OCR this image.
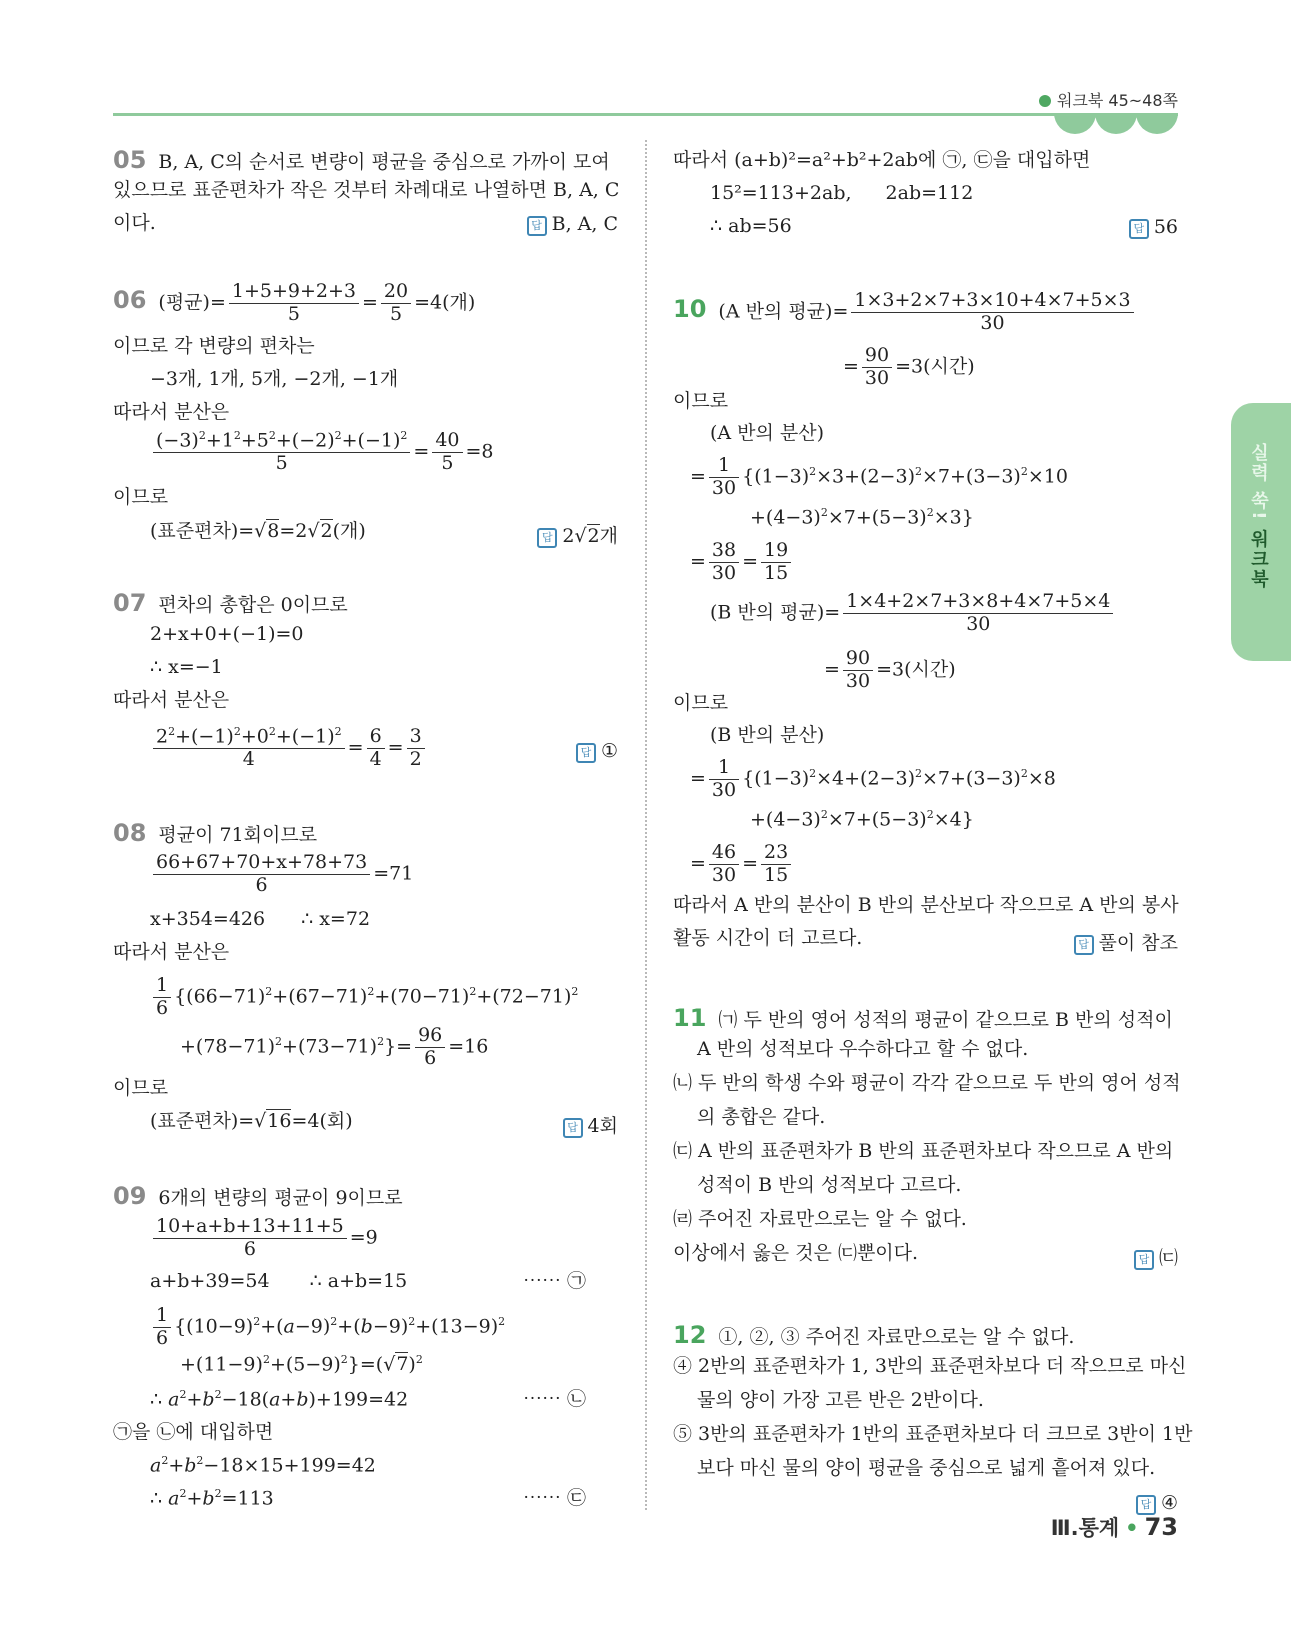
워크북 45~48쪽
실력 쑥! 워크북
05 B, A, C의 순서로 변량이 평균을 중심으로 가까이 모여
있으므로 표준편차가 작은 것부터 차례대로 나열하면 B, A, C
이다.	답 B, A, C
06 (평균)= $\frac{1+5+9+2+3}{5} = \frac{20}{5} =4$(개)
이므로 각 변량의 편차는
−3개, 1개, 5개, −2개, −1개
따라서 분산은
$\frac{(-3)^2+1^2+5^2+(-2)^2+(-1)^2}{5} = \frac{40}{5} =8$
이므로
(표준편차)=√8=2√2(개)	답 2√2개
07 편차의 총합은 0이므로
2+x+0+(−1)=0
∴ x=−1
따라서 분산은
$\frac{2^2+(-1)^2+0^2+(-1)^2}{4} = \frac{6}{4} = \frac{3}{2}$	답 ①
08 평균이 71회이므로
$\frac{66+67+70+x+78+73}{6} =71$
x+354=426 ∴ x=72
따라서 분산은
$\frac{1}{6} \{(66-71)^2+(67-71)^2+(70-71)^2+(72-71)^2$
$+(78-71)^2+(73-71)^2\}= \frac{96}{6} =16$
이므로
(표준편차)=√16=4(회)	답 4회
09 6개의 변량의 평균이 9이므로
$\frac{10+a+b+13+11+5}{6} =9$
a+b+39=54 ∴ a+b=15	⋯⋯ ㉠
$\frac{1}{6} \{(10-9)^2+(a-9)^2+(b-9)^2+(13-9)^2$
$+(11-9)^2+(5-9)^2\}=(√7)^2$
∴ $a^2+b^2-18(a+b)+199=42$	⋯⋯ ㉡
㉠을 ㉡에 대입하면
$a^2+b^2-18\times 15+199=42$
∴ $a^2+b^2=113$	⋯⋯ ㉢
따라서 (a+b)²=a²+b²+2ab에 ㉠, ㉢을 대입하면
15²=113+2ab, 2ab=112
∴ ab=56	답 56
10 (A 반의 평균)= $\frac{1\times 3+2\times 7+3\times 10+4\times 7+5\times 3}{30}$
= $\frac{90}{30} =3$(시간)
이므로
(A 반의 분산)
= $\frac{1}{30} \{(1-3)^2\times 3+(2-3)^2\times 7+(3-3)^2\times 10$
$+(4-3)^2\times 7+(5-3)^2\times 3$}
= $\frac{38}{30} = \frac{19}{15}$
(B 반의 평균)= $\frac{1\times 4+2\times 7+3\times 8+4\times 7+5\times 4}{30}$
= $\frac{90}{30} =3$(시간)
이므로
(B 반의 분산)
= $\frac{1}{30} \{(1-3)^2\times 4+(2-3)^2\times 7+(3-3)^2\times 8$
$+(4-3)^2\times 7+(5-3)^2\times 4$}
= $\frac{46}{30} = \frac{23}{15}$
따라서 A 반의 분산이 B 반의 분산보다 작으므로 A 반의 봉사
활동 시간이 더 고르다.	답 풀이 참조
11 ㈀ 두 반의 영어 성적의 평균이 같으므로 B 반의 성적이
A 반의 성적보다 우수하다고 할 수 없다.
㈁ 두 반의 학생 수와 평균이 각각 같으므로 두 반의 영어 성적
의 총합은 같다.
㈂ A 반의 표준편차가 B 반의 표준편차보다 작으므로 A 반의
성적이 B 반의 성적보다 고르다.
㈃ 주어진 자료만으로는 알 수 없다.
이상에서 옳은 것은 ㈂뿐이다.	답 ㈂
12 ①, ②, ③ 주어진 자료만으로는 알 수 없다.
④ 2반의 표준편차가 1, 3반의 표준편차보다 더 작으므로 마신
물의 양이 가장 고른 반은 2반이다.
⑤ 3반의 표준편차가 1반의 표준편차보다 더 크므로 3반이 1반
보다 마신 물의 양이 평균을 중심으로 넓게 흩어져 있다.
답 ④
Ⅲ.통계 • 73
